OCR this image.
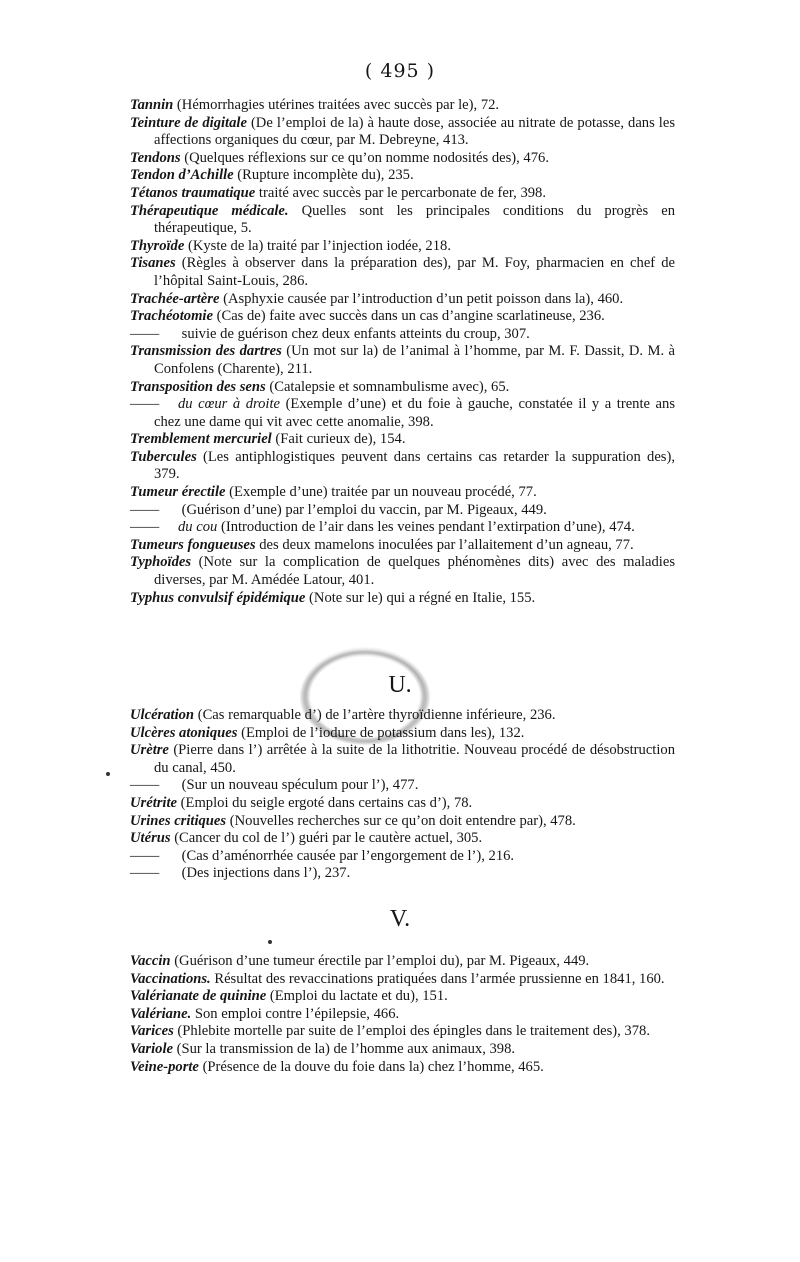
( 495 )

Tannin (Hémorrhagies utérines traitées avec succès par le), 72.

Teinture de digitale (De l’emploi de la) à haute dose, associée au nitrate de potasse, dans les affections organiques du cœur, par M. Debreyne, 413.

Tendons (Quelques réflexions sur ce qu’on nomme nodosités des), 476.

Tendon d’Achille (Rupture incomplète du), 235.

Tétanos traumatique traité avec succès par le percarbonate de fer, 398.

Thérapeutique médicale. Quelles sont les principales conditions du progrès en thérapeutique, 5.

Thyroïde (Kyste de la) traité par l’injection iodée, 218.

Tisanes (Règles à observer dans la préparation des), par M. Foy, pharmacien en chef de l’hôpital Saint-Louis, 286.

Trachée-artère (Asphyxie causée par l’introduction d’un petit poisson dans la), 460.

Trachéotomie (Cas de) faite avec succès dans un cas d’angine scarlatineuse, 236.

—— suivie de guérison chez deux enfants atteints du croup, 307.

Transmission des dartres (Un mot sur la) de l’animal à l’homme, par M. F. Dassit, D. M. à Confolens (Charente), 211.

Transposition des sens (Catalepsie et somnambulisme avec), 65.

—— du cœur à droite (Exemple d’une) et du foie à gauche, constatée il y a trente ans chez une dame qui vit avec cette anomalie, 398.

Tremblement mercuriel (Fait curieux de), 154.

Tubercules (Les antiphlogistiques peuvent dans certains cas retarder la suppuration des), 379.

Tumeur érectile (Exemple d’une) traitée par un nouveau procédé, 77.

—— (Guérison d’une) par l’emploi du vaccin, par M. Pigeaux, 449.

—— du cou (Introduction de l’air dans les veines pendant l’extirpation d’une), 474.

Tumeurs fongueuses des deux mamelons inoculées par l’allaitement d’un agneau, 77.

Typhoïdes (Note sur la complication de quelques phénomènes dits) avec des maladies diverses, par M. Amédée Latour, 401.

Typhus convulsif épidémique (Note sur le) qui a régné en Italie, 155.

U.

Ulcération (Cas remarquable d’) de l’artère thyroïdienne inférieure, 236.

Ulcères atoniques (Emploi de l’iodure de potassium dans les), 132.

Urètre (Pierre dans l’) arrêtée à la suite de la lithotritie. Nouveau procédé de désobstruction du canal, 450.

—— (Sur un nouveau spéculum pour l’), 477.

Urétrite (Emploi du seigle ergoté dans certains cas d’), 78.

Urines critiques (Nouvelles recherches sur ce qu’on doit entendre par), 478.

Utérus (Cancer du col de l’) guéri par le cautère actuel, 305.

—— (Cas d’aménorrhée causée par l’engorgement de l’), 216.

—— (Des injections dans l’), 237.

V.

Vaccin (Guérison d’une tumeur érectile par l’emploi du), par M. Pigeaux, 449.

Vaccinations. Résultat des revaccinations pratiquées dans l’armée prussienne en 1841, 160.

Valérianate de quinine (Emploi du lactate et du), 151.

Valériane. Son emploi contre l’épilepsie, 466.

Varices (Phlebite mortelle par suite de l’emploi des épingles dans le traitement des), 378.

Variole (Sur la transmission de la) de l’homme aux animaux, 398.

Veine-porte (Présence de la douve du foie dans la) chez l’homme, 465.
